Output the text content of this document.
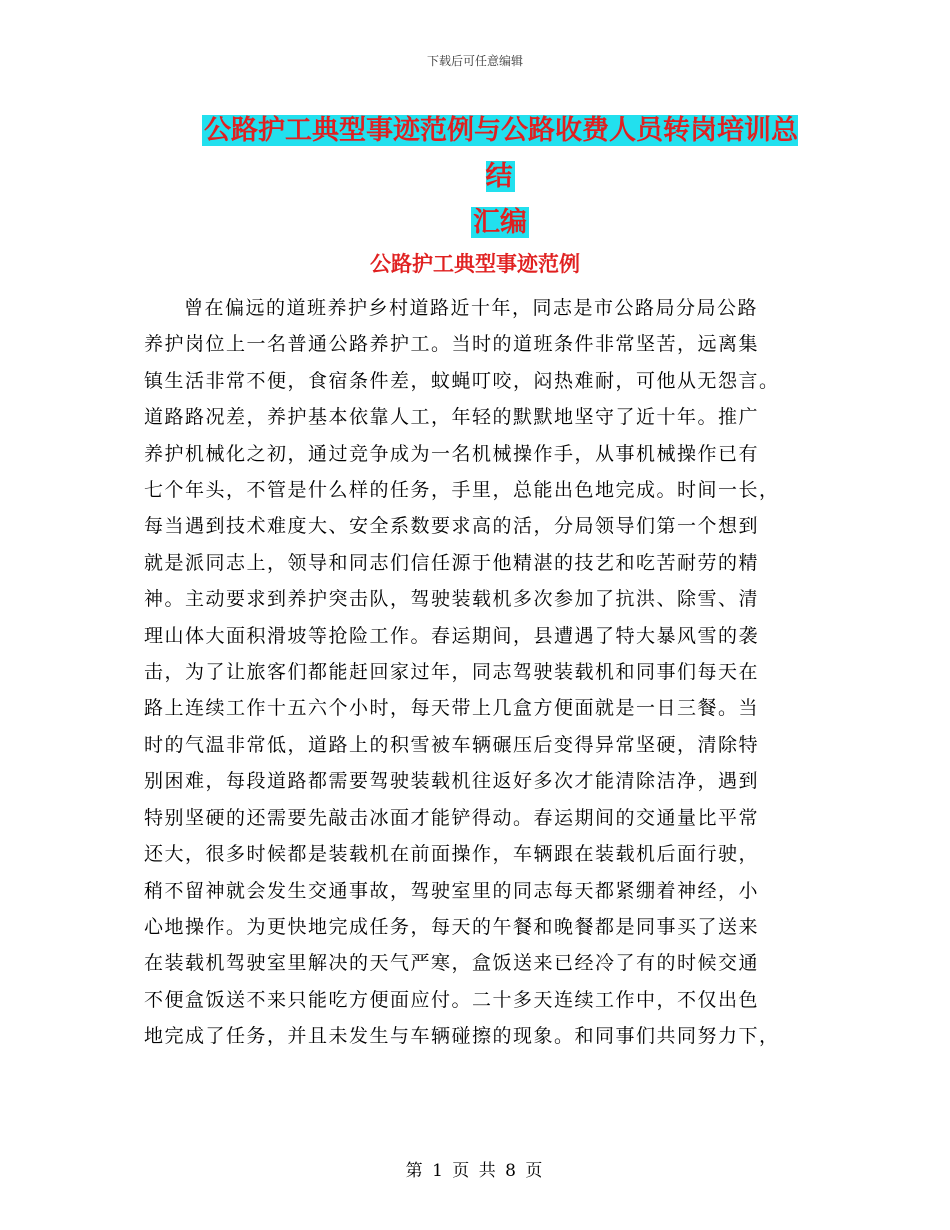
下载后可任意编辑
公路护工典型事迹范例与公路收费人员转岗培训总结
汇编
公路护工典型事迹范例
曾在偏远的道班养护乡村道路近十年，同志是市公路局分局公路
养护岗位上一名普通公路养护工。当时的道班条件非常坚苦，远离集
镇生活非常不便，食宿条件差，蚊蝇叮咬，闷热难耐，可他从无怨言。
道路路况差，养护基本依靠人工，年轻的默默地坚守了近十年。推广
养护机械化之初，通过竞争成为一名机械操作手，从事机械操作已有
七个年头，不管是什么样的任务，手里，总能出色地完成。时间一长，
每当遇到技术难度大、安全系数要求高的活，分局领导们第一个想到
就是派同志上，领导和同志们信任源于他精湛的技艺和吃苦耐劳的精
神。主动要求到养护突击队，驾驶装载机多次参加了抗洪、除雪、清
理山体大面积滑坡等抢险工作。春运期间，县遭遇了特大暴风雪的袭
击，为了让旅客们都能赶回家过年，同志驾驶装载机和同事们每天在
路上连续工作十五六个小时，每天带上几盒方便面就是一日三餐。当
时的气温非常低，道路上的积雪被车辆碾压后变得异常坚硬，清除特
别困难，每段道路都需要驾驶装载机往返好多次才能清除洁净，遇到
特别坚硬的还需要先敲击冰面才能铲得动。春运期间的交通量比平常
还大，很多时候都是装载机在前面操作，车辆跟在装载机后面行驶，
稍不留神就会发生交通事故，驾驶室里的同志每天都紧绷着神经，小
心地操作。为更快地完成任务，每天的午餐和晚餐都是同事买了送来
在装载机驾驶室里解决的天气严寒，盒饭送来已经冷了有的时候交通
不便盒饭送不来只能吃方便面应付。二十多天连续工作中，不仅出色
地完成了任务，并且未发生与车辆碰擦的现象。和同事们共同努力下，
第 1 页 共 8 页
